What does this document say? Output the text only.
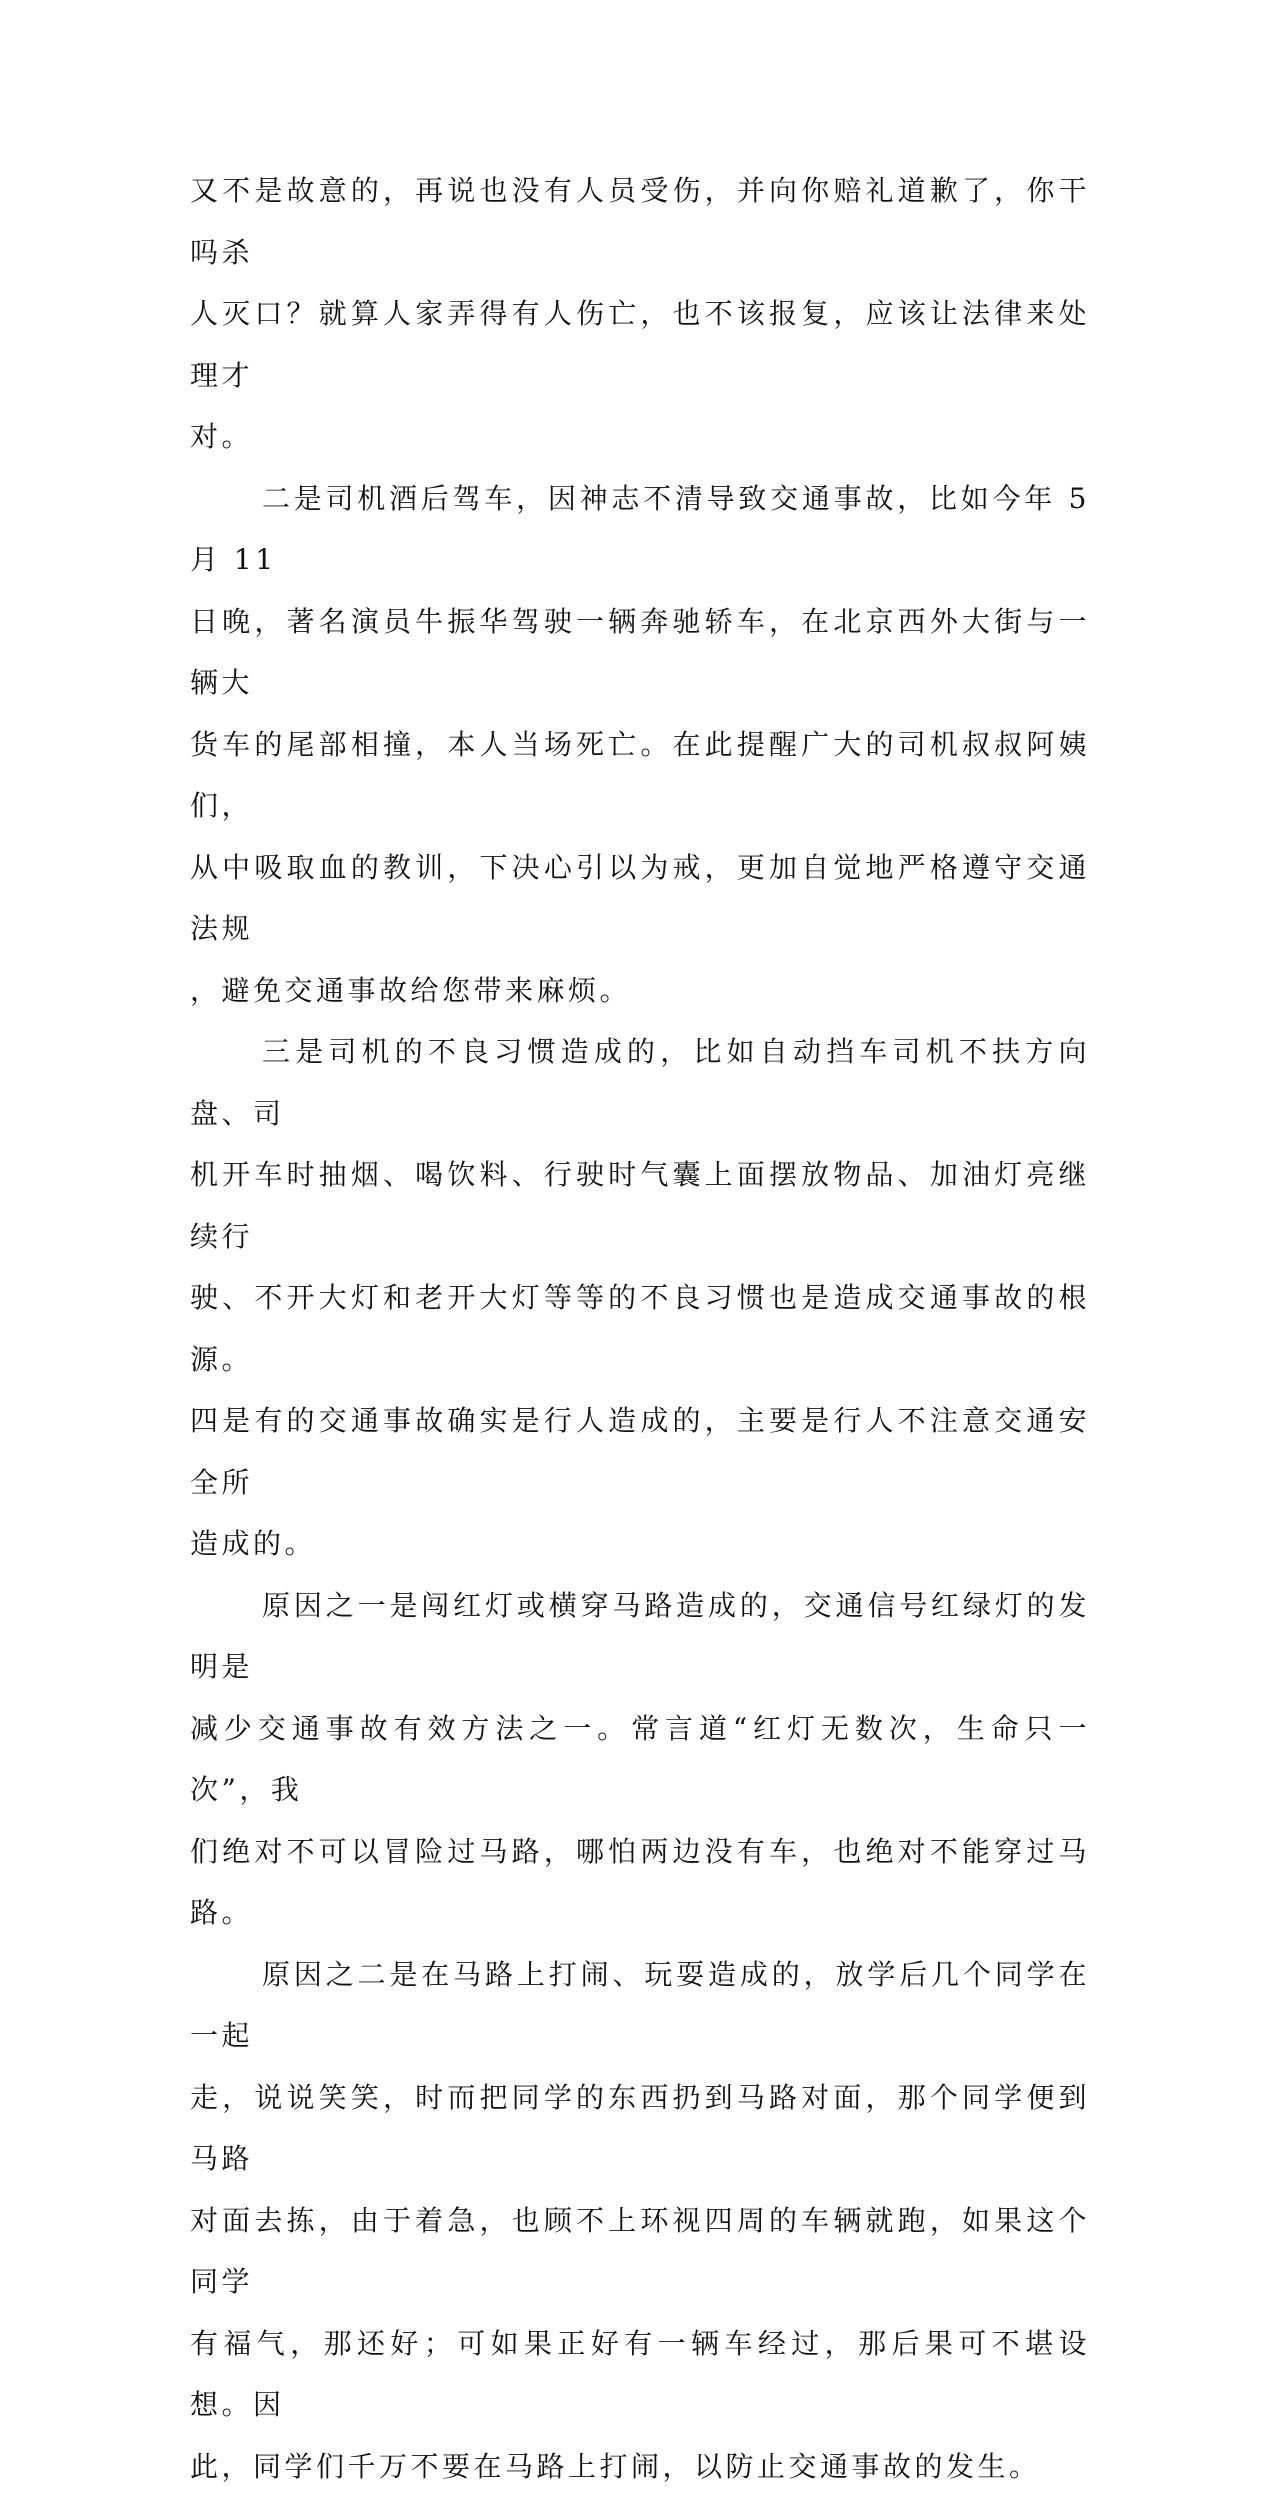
又不是故意的，再说也没有人员受伤，并向你赔礼道歉了，你干吗杀
人灭口？就算人家弄得有人伤亡，也不该报复，应该让法律来处理才
对。

二是司机酒后驾车，因神志不清导致交通事故，比如今年 5 月 11
日晚，著名演员牛振华驾驶一辆奔驰轿车，在北京西外大街与一辆大
货车的尾部相撞，本人当场死亡。在此提醒广大的司机叔叔阿姨们，
从中吸取血的教训，下决心引以为戒，更加自觉地严格遵守交通法规
，避免交通事故给您带来麻烦。

三是司机的不良习惯造成的，比如自动挡车司机不扶方向盘、司
机开车时抽烟、喝饮料、行驶时气囊上面摆放物品、加油灯亮继续行
驶、不开大灯和老开大灯等等的不良习惯也是造成交通事故的根源。
四是有的交通事故确实是行人造成的，主要是行人不注意交通安全所
造成的。

原因之一是闯红灯或横穿马路造成的，交通信号红绿灯的发明是
减少交通事故有效方法之一。常言道“红灯无数次，生命只一次”，我
们绝对不可以冒险过马路，哪怕两边没有车，也绝对不能穿过马路。

原因之二是在马路上打闹、玩耍造成的，放学后几个同学在一起
走，说说笑笑，时而把同学的东西扔到马路对面，那个同学便到马路
对面去拣，由于着急，也顾不上环视四周的车辆就跑，如果这个同学
有福气，那还好；可如果正好有一辆车经过，那后果可不堪设想。因
此，同学们千万不要在马路上打闹，以防止交通事故的发生。
